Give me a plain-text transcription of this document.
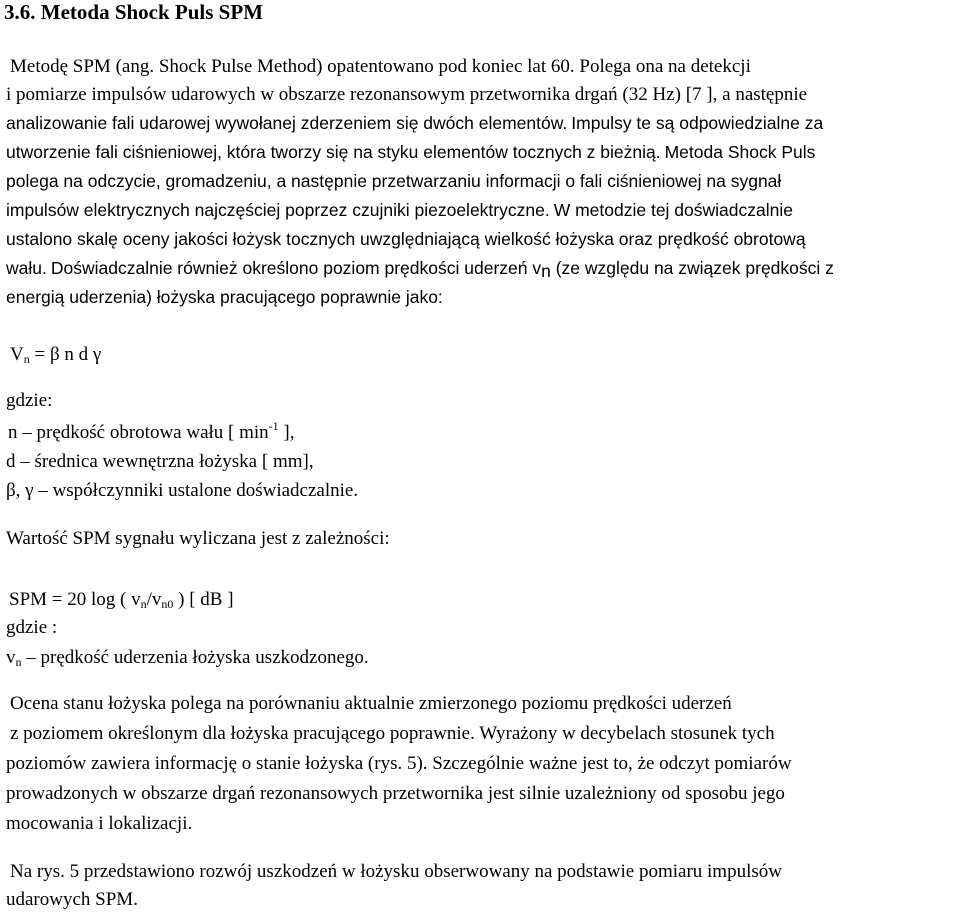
3.6. Metoda Shock Puls SPM
Metodę SPM (ang. Shock Pulse Method) opatentowano pod koniec lat 60. Polega ona na detekcji
i pomiarze impulsów udarowych w obszarze rezonansowym przetwornika drgań (32 Hz) [7 ], a następnie
analizowanie fali udarowej wywołanej zderzeniem się dwóch elementów. Impulsy te są odpowiedzialne za
utworzenie fali ciśnieniowej, która tworzy się na styku elementów tocznych z bieżnią. Metoda Shock Puls
polega na odczycie, gromadzeniu, a następnie przetwarzaniu informacji o fali ciśnieniowej na sygnał
impulsów elektrycznych najczęściej poprzez czujniki piezoelektryczne. W metodzie tej doświadczalnie
ustalono skalę oceny jakości łożysk tocznych uwzględniającą wielkość łożyska oraz prędkość obrotową
wału. Doświadczalnie również określono poziom prędkości uderzeń $v_n$ (ze względu na związek prędkości z
energią uderzenia) łożyska pracującego poprawnie jako:
$V_n = \beta$ n d γ
gdzie:
n – prędkość obrotowa wału [ $\min^{-1}$ ],
d – średnica wewnętrzna łożyska [ mm],
β, γ – współczynniki ustalone doświadczalnie.
Wartość SPM sygnału wyliczana jest z zależności:
SPM = 20 log ( $v_n/v_{n0}$ ) [ dB ]
gdzie :
$v_n$ – prędkość uderzenia łożyska uszkodzonego.
Ocena stanu łożyska polega na porównaniu aktualnie zmierzonego poziomu prędkości uderzeń
z poziomem określonym dla łożyska pracującego poprawnie. Wyrażony w decybelach stosunek tych
poziomów zawiera informację o stanie łożyska (rys. 5). Szczególnie ważne jest to, że odczyt pomiarów
prowadzonych w obszarze drgań rezonansowych przetwornika jest silnie uzależniony od sposobu jego
mocowania i lokalizacji.
Na rys. 5 przedstawiono rozwój uszkodzeń w łożysku obserwowany na podstawie pomiaru impulsów
udarowych SPM.
